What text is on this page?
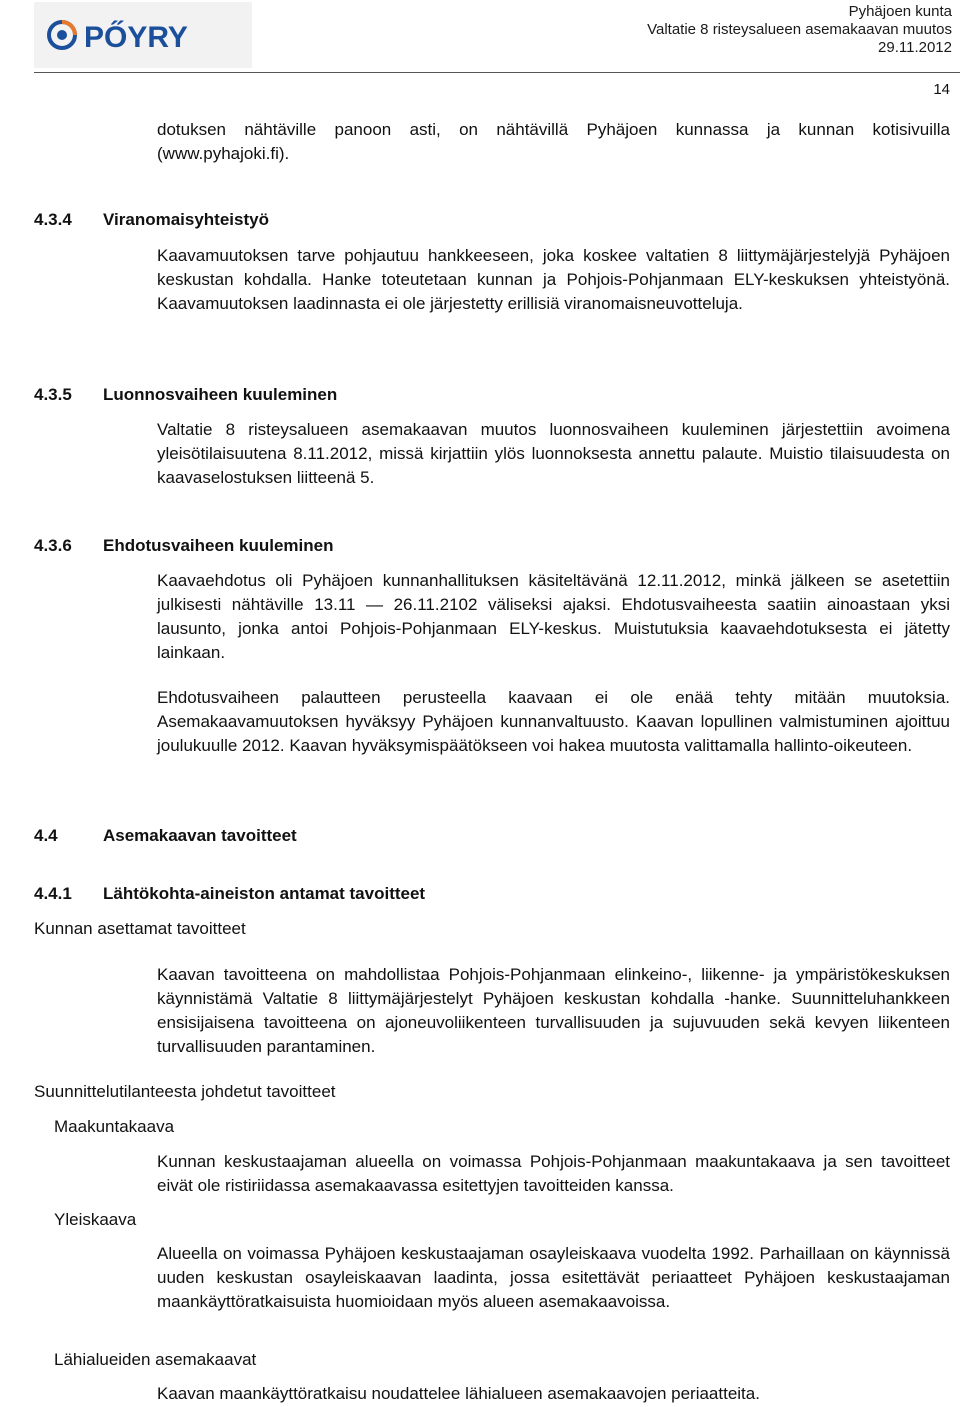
PŐYRY
Pyhäjoen kunta
Valtatie 8 risteysalueen asemakaavan muutos
29.11.2012
14

dotuksen nähtäville panoon asti, on nähtävillä Pyhäjoen kunnassa ja kunnan kotisivuilla (www.pyhajoki.fi).

4.3.4 Viranomaisyhteistyö

Kaavamuutoksen tarve pohjautuu hankkeeseen, joka koskee valtatien 8 liittymäjärjestelyjä Pyhäjoen keskustan kohdalla. Hanke toteutetaan kunnan ja Pohjois-Pohjanmaan ELY-keskuksen yhteistyönä. Kaavamuutoksen laadinnasta ei ole järjestetty erillisiä viranomaisneuvotteluja.

4.3.5 Luonnosvaiheen kuuleminen

Valtatie 8 risteysalueen asemakaavan muutos luonnosvaiheen kuuleminen järjestettiin avoimena yleisötilaisuutena 8.11.2012, missä kirjattiin ylös luonnoksesta annettu palaute. Muistio tilaisuudesta on kaavaselostuksen liitteenä 5.

4.3.6 Ehdotusvaiheen kuuleminen

Kaavaehdotus oli Pyhäjoen kunnanhallituksen käsiteltävänä 12.11.2012, minkä jälkeen se asetettiin julkisesti nähtäville 13.11 — 26.11.2102 väliseksi ajaksi. Ehdotusvaiheesta saatiin ainoastaan yksi lausunto, jonka antoi Pohjois-Pohjanmaan ELY-keskus. Muistutuksia kaavaehdotuksesta ei jätetty lainkaan.

Ehdotusvaiheen palautteen perusteella kaavaan ei ole enää tehty mitään muutoksia. Asemakaavamuutoksen hyväksyy Pyhäjoen kunnanvaltuusto. Kaavan lopullinen valmistuminen ajoittuu joulukuulle 2012. Kaavan hyväksymispäätökseen voi hakea muutosta valittamalla hallinto-oikeuteen.

4.4	Asemakaavan tavoitteet
4.4.1 Lähtökohta-aineiston antamat tavoitteet
Kunnan asettamat tavoitteet

Kaavan tavoitteena on mahdollistaa Pohjois-Pohjanmaan elinkeino-, liikenne- ja ympäristökeskuksen käynnistämä Valtatie 8 liittymäjärjestelyt Pyhäjoen keskustan kohdalla -hanke. Suunnitteluhankkeen ensisijaisena tavoitteena on ajoneuvoliikenteen turvallisuuden ja sujuvuuden sekä kevyen liikenteen turvallisuuden parantaminen.

Suunnittelutilanteesta johdetut tavoitteet
Maakuntakaava

Kunnan keskustaajaman alueella on voimassa Pohjois-Pohjanmaan maakuntakaava ja sen tavoitteet eivät ole ristiriidassa asemakaavassa esitettyjen tavoitteiden kanssa.

Yleiskaava

Alueella on voimassa Pyhäjoen keskustaajaman osayleiskaava vuodelta 1992. Parhaillaan on käynnissä uuden keskustan osayleiskaavan laadinta, jossa esitettävät periaatteet Pyhäjoen keskustaajaman maankäyttöratkaisuista huomioidaan myös alueen asemakaavoissa.

Lähialueiden asemakaavat

Kaavan maankäyttöratkaisu noudattelee lähialueen asemakaavojen periaatteita.
